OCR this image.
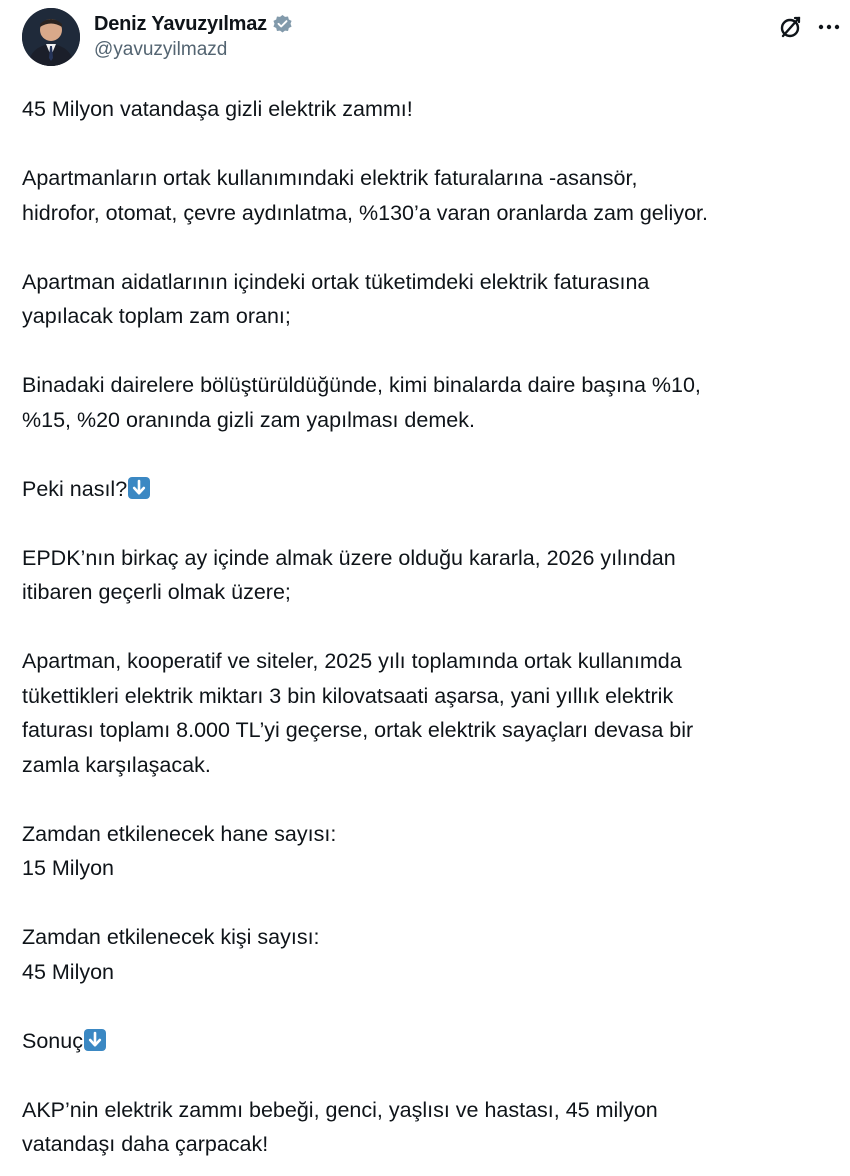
Deniz Yavuzyılmaz
@yavuzyilmazd

45 Milyon vatandaşa gizli elektrik zammı!

Apartmanların ortak kullanımındaki elektrik faturalarına -asansör,
hidrofor, otomat, çevre aydınlatma, %130’a varan oranlarda zam geliyor.

Apartman aidatlarının içindeki ortak tüketimdeki elektrik faturasına
yapılacak toplam zam oranı;

Binadaki dairelere bölüştürüldüğünde, kimi binalarda daire başına %10,
%15, %20 oranında gizli zam yapılması demek.

Peki nasıl?

EPDK’nın birkaç ay içinde almak üzere olduğu kararla, 2026 yılından
itibaren geçerli olmak üzere;

Apartman, kooperatif ve siteler, 2025 yılı toplamında ortak kullanımda
tükettikleri elektrik miktarı 3 bin kilovatsaati aşarsa, yani yıllık elektrik
faturası toplamı 8.000 TL’yi geçerse, ortak elektrik sayaçları devasa bir
zamla karşılaşacak.

Zamdan etkilenecek hane sayısı:
15 Milyon

Zamdan etkilenecek kişi sayısı:
45 Milyon

Sonuç

AKP’nin elektrik zammı bebeği, genci, yaşlısı ve hastası, 45 milyon
vatandaşı daha çarpacak!
